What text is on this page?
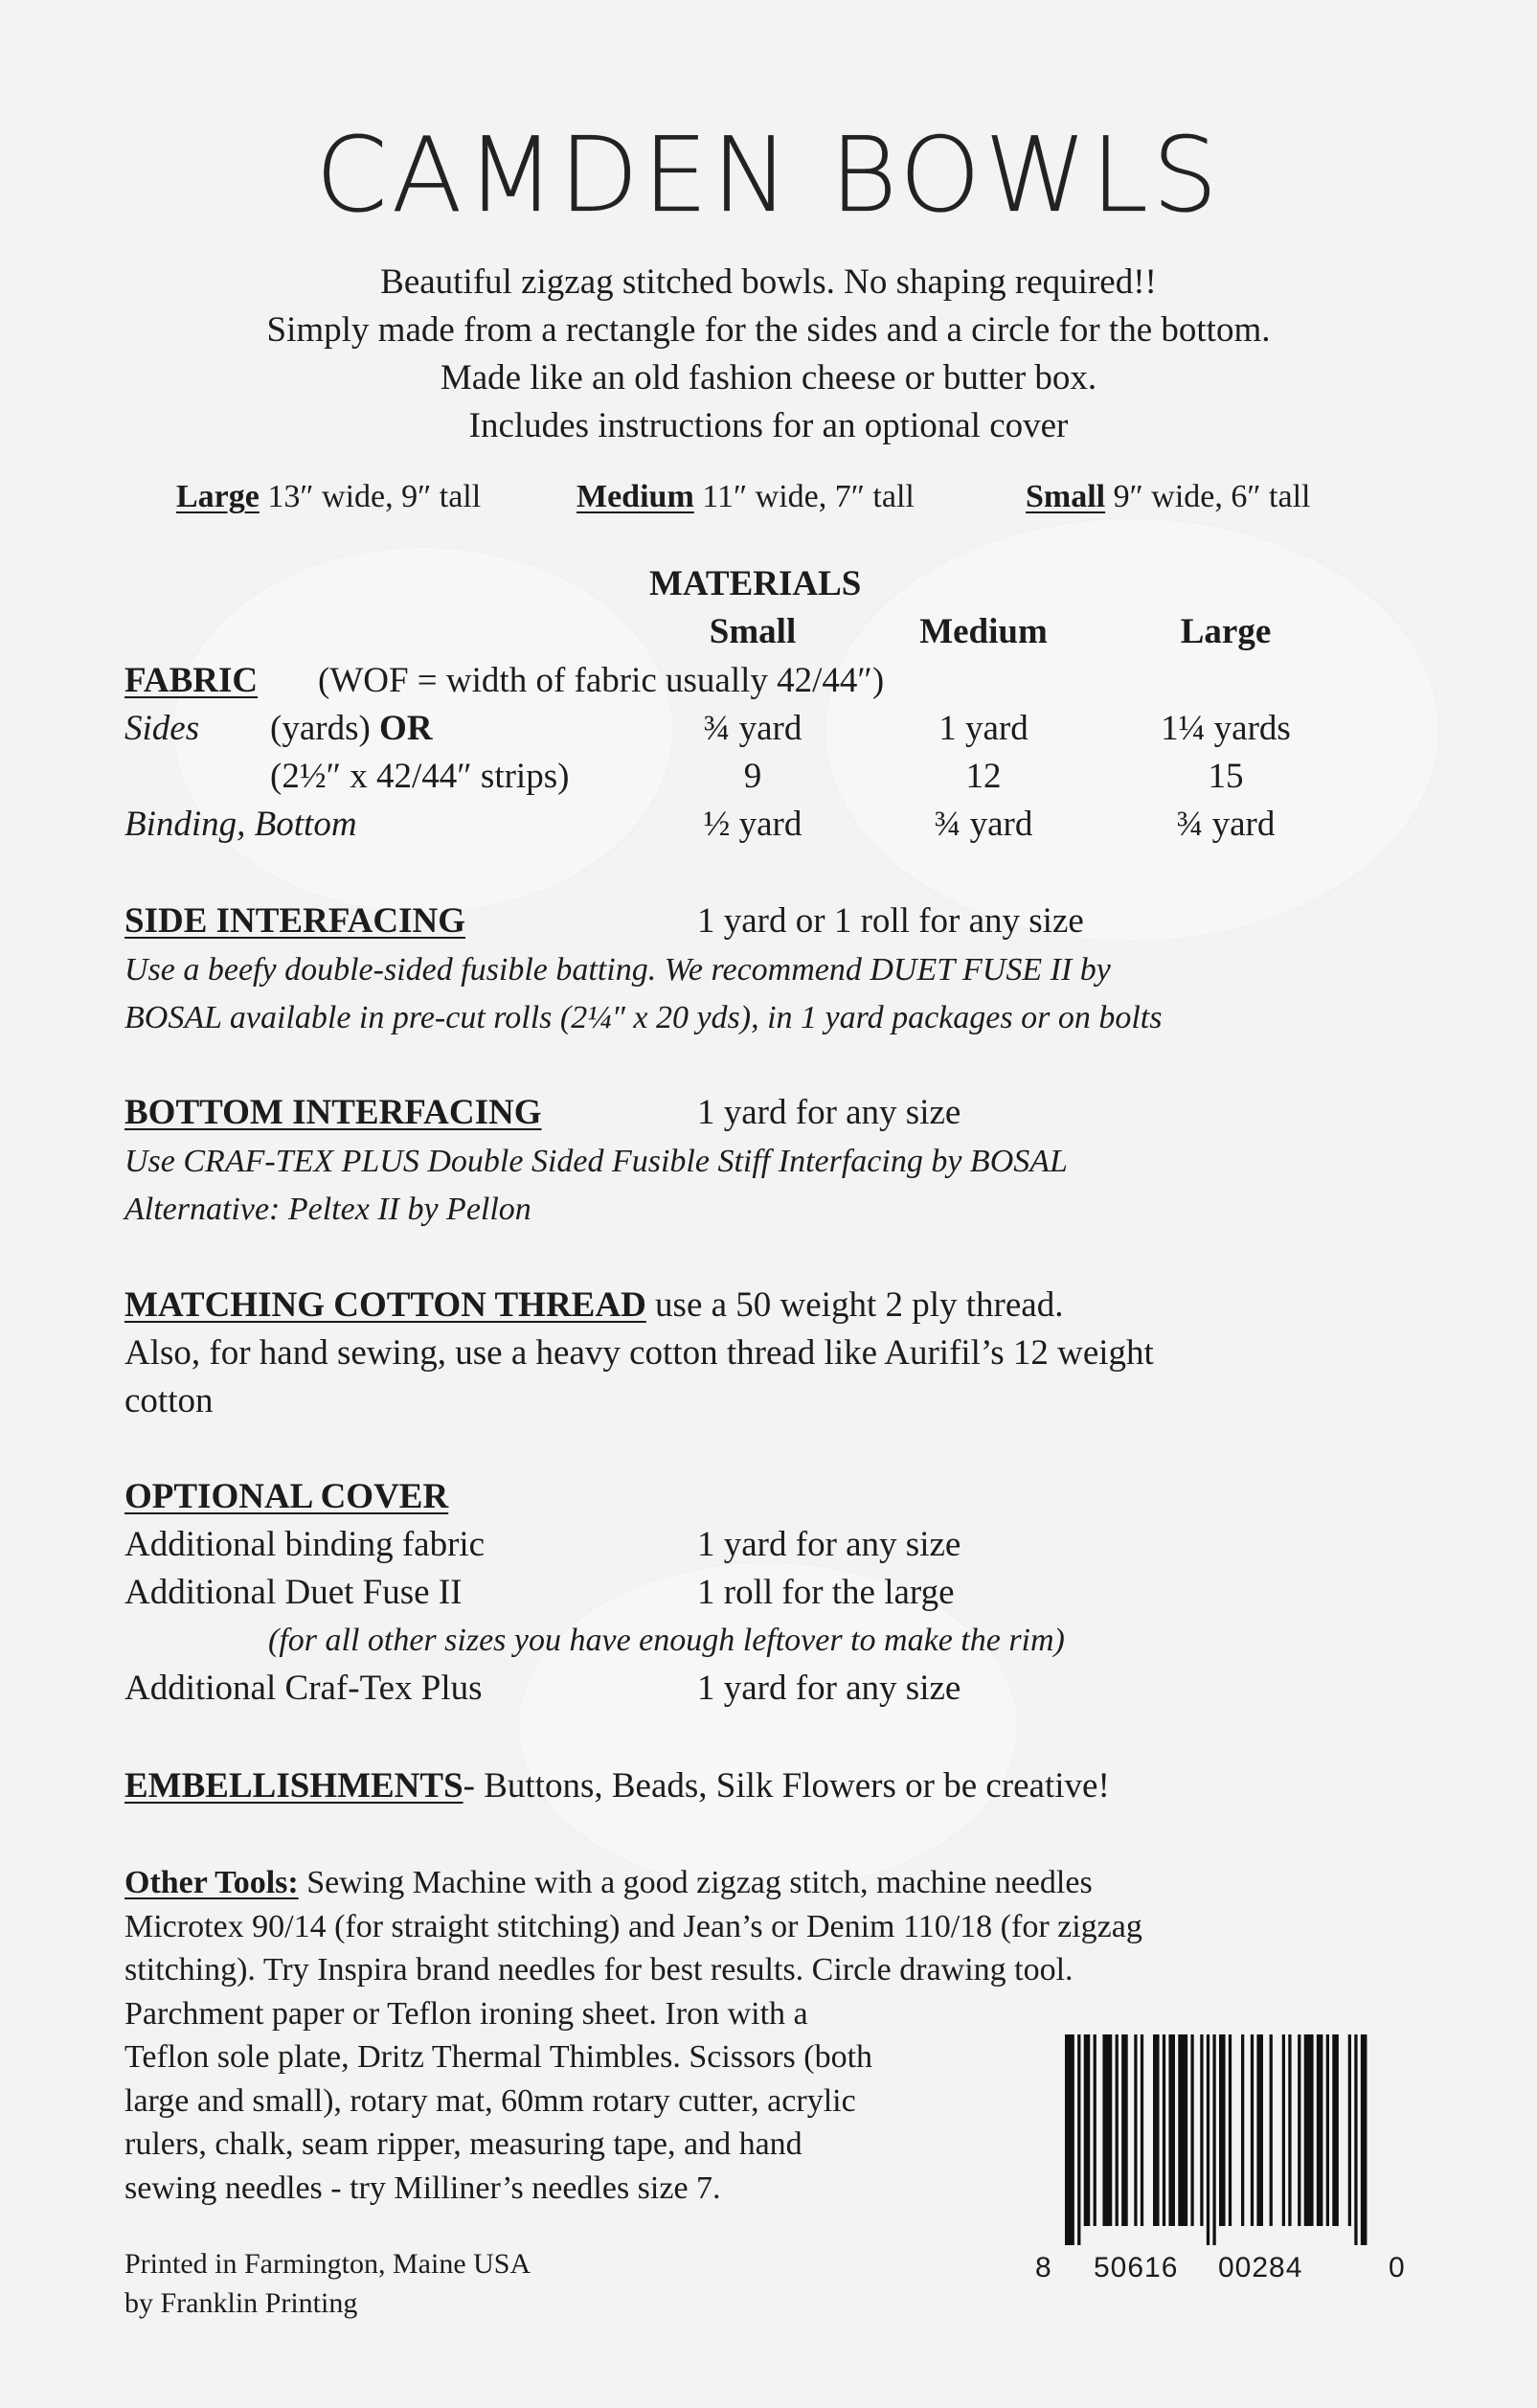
CAMDEN BOWLS
Beautiful zigzag stitched bowls. No shaping required!!
Simply made from a rectangle for the sides and a circle for the bottom.
Made like an old fashion cheese or butter box.
Includes instructions for an optional cover
Large 13″ wide, 9″ tall	Medium 11″ wide, 7″ tall	Small 9″ wide, 6″ tall
MATERIALS
Small	Medium	Large
FABRIC (WOF = width of fabric usually 42/44″)
Sides (yards) OR	¾ yard	1 yard	1¼ yards
(2½″ x 42/44″ strips)	9	12	15
Binding, Bottom	½ yard	¾ yard	¾ yard
SIDE INTERFACING	1 yard or 1 roll for any size
Use a beefy double-sided fusible batting. We recommend DUET FUSE II by
BOSAL available in pre-cut rolls (2¼″ x 20 yds), in 1 yard packages or on bolts
BOTTOM INTERFACING	1 yard for any size
Use CRAF-TEX PLUS Double Sided Fusible Stiff Interfacing by BOSAL
Alternative: Peltex II by Pellon
MATCHING COTTON THREAD use a 50 weight 2 ply thread.
Also, for hand sewing, use a heavy cotton thread like Aurifil’s 12 weight
cotton
OPTIONAL COVER
Additional binding fabric	1 yard for any size
Additional Duet Fuse II	1 roll for the large
(for all other sizes you have enough leftover to make the rim)
Additional Craf-Tex Plus	1 yard for any size
EMBELLISHMENTS- Buttons, Beads, Silk Flowers or be creative!
Other Tools: Sewing Machine with a good zigzag stitch, machine needles
Microtex 90/14 (for straight stitching) and Jean’s or Denim 110/18 (for zigzag
stitching). Try Inspira brand needles for best results. Circle drawing tool.
Parchment paper or Teflon ironing sheet. Iron with a
Teflon sole plate, Dritz Thermal Thimbles. Scissors (both
large and small), rotary mat, 60mm rotary cutter, acrylic
rulers, chalk, seam ripper, measuring tape, and hand
sewing needles - try Milliner’s needles size 7.
Printed in Farmington, Maine USA
by Franklin Printing
8 50616 00284	0
